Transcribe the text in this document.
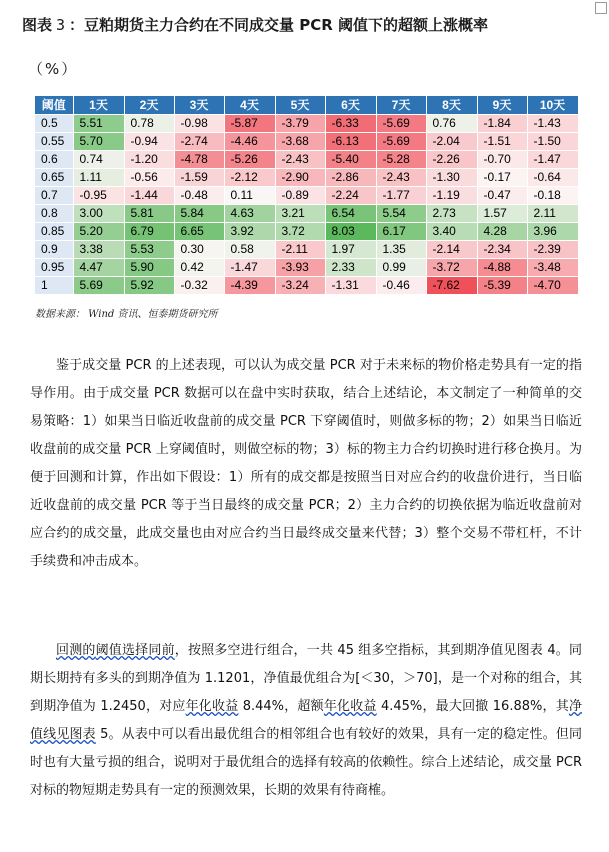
图表 3 ：豆粕期货主力合约在不同成交量 PCR 阈值下的超额上涨概率
（%）
阈值	1天	2天	3天	4天	5天	6天	7天	8天	9天	10天
0.5	5.51	0.78	-0.98	-5.87	-3.79	-6.33	-5.69	0.76	-1.84	-1.43
0.55	5.70	-0.94	-2.74	-4.46	-3.68	-6.13	-5.69	-2.04	-1.51	-1.50
0.6	0.74	-1.20	-4.78	-5.26	-2.43	-5.40	-5.28	-2.26	-0.70	-1.47
0.65	1.11	-0.56	-1.59	-2.12	-2.90	-2.86	-2.43	-1.30	-0.17	-0.64
0.7	-0.95	-1.44	-0.48	0.11	-0.89	-2.24	-1.77	-1.19	-0.47	-0.18
0.8	3.00	5.81	5.84	4.63	3.21	6.54	5.54	2.73	1.57	2.11
0.85	5.20	6.79	6.65	3.92	3.72	8.03	6.17	3.40	4.28	3.96
0.9	3.38	5.53	0.30	0.58	-2.11	1.97	1.35	-2.14	-2.34	-2.39
0.95	4.47	5.90	0.42	-1.47	-3.93	2.33	0.99	-3.72	-4.88	-3.48
1	5.69	5.92	-0.32	-4.39	-3.24	-1.31	-0.46	-7.62	-5.39	-4.70
数据来源： Wind 资讯、恒泰期货研究所

鉴于成交量 PCR 的上述表现，可以认为成交量 PCR 对于未来标的物价格走势具有一定的指导作用。由于成交量 PCR 数据可以在盘中实时获取，结合上述结论，本文制定了一种简单的交易策略：1）如果当日临近收盘前的成交量 PCR 下穿阈值时，则做多标的物；2）如果当日临近收盘前的成交量 PCR 上穿阈值时，则做空标的物；3）标的物主力合约切换时进行移仓换月。为便于回测和计算，作出如下假设：1）所有的成交都是按照当日对应合约的收盘价进行，当日临近收盘前的成交量 PCR 等于当日最终的成交量 PCR；2）主力合约的切换依据为临近收盘前对应合约的成交量，此成交量也由对应合约当日最终成交量来代替；3）整个交易不带杠杆，不计手续费和冲击成本。

回测的阈值选择同前，按照多空进行组合，一共 45 组多空指标，其到期净值见图表 4。同期长期持有多头的到期净值为 1.1201，净值最优组合为[＜30，＞70]，是一个对称的组合，其到期净值为 1.2450，对应年化收益 8.44%，超额年化收益 4.45%，最大回撤 16.88%，其净值线见图表 5。从表中可以看出最优组合的相邻组合也有较好的效果，具有一定的稳定性。但同时也有大量亏损的组合，说明对于最优组合的选择有较高的依赖性。综合上述结论，成交量 PCR 对标的物短期走势具有一定的预测效果，长期的效果有待商榷。
